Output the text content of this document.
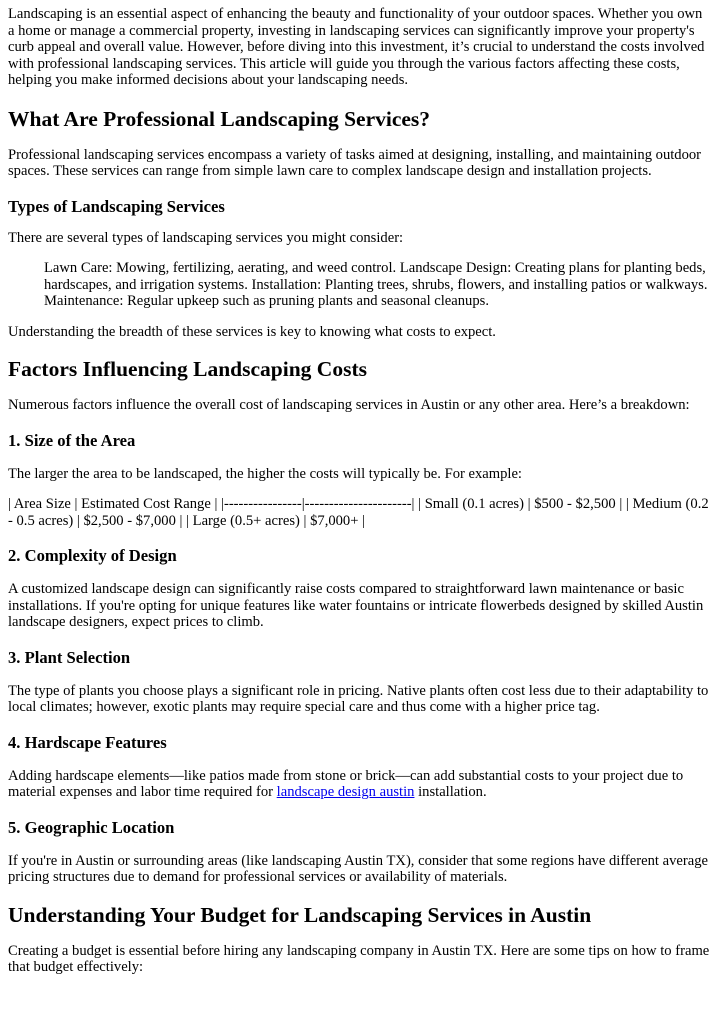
Landscaping is an essential aspect of enhancing the beauty and functionality of your outdoor spaces. Whether you own a home or manage a commercial property, investing in landscaping services can significantly improve your property's curb appeal and overall value. However, before diving into this investment, it’s crucial to understand the costs involved with professional landscaping services. This article will guide you through the various factors affecting these costs, helping you make informed decisions about your landscaping needs.

What Are Professional Landscaping Services?

Professional landscaping services encompass a variety of tasks aimed at designing, installing, and maintaining outdoor spaces. These services can range from simple lawn care to complex landscape design and installation projects.

Types of Landscaping Services

There are several types of landscaping services you might consider:

Lawn Care: Mowing, fertilizing, aerating, and weed control. Landscape Design: Creating plans for planting beds, hardscapes, and irrigation systems. Installation: Planting trees, shrubs, flowers, and installing patios or walkways. Maintenance: Regular upkeep such as pruning plants and seasonal cleanups.

Understanding the breadth of these services is key to knowing what costs to expect.

Factors Influencing Landscaping Costs

Numerous factors influence the overall cost of landscaping services in Austin or any other area. Here’s a breakdown:

1. Size of the Area

The larger the area to be landscaped, the higher the costs will typically be. For example:

| Area Size | Estimated Cost Range | |----------------|----------------------| | Small (0.1 acres) | $500 - $2,500 | | Medium (0.2 - 0.5 acres) | $2,500 - $7,000 | | Large (0.5+ acres) | $7,000+ |

2. Complexity of Design

A customized landscape design can significantly raise costs compared to straightforward lawn maintenance or basic installations. If you're opting for unique features like water fountains or intricate flowerbeds designed by skilled Austin landscape designers, expect prices to climb.

3. Plant Selection

The type of plants you choose plays a significant role in pricing. Native plants often cost less due to their adaptability to local climates; however, exotic plants may require special care and thus come with a higher price tag.

4. Hardscape Features

Adding hardscape elements—like patios made from stone or brick—can add substantial costs to your project due to material expenses and labor time required for landscape design austin installation.

5. Geographic Location

If you're in Austin or surrounding areas (like landscaping Austin TX), consider that some regions have different average pricing structures due to demand for professional services or availability of materials.

Understanding Your Budget for Landscaping Services in Austin

Creating a budget is essential before hiring any landscaping company in Austin TX. Here are some tips on how to frame that budget effectively:
